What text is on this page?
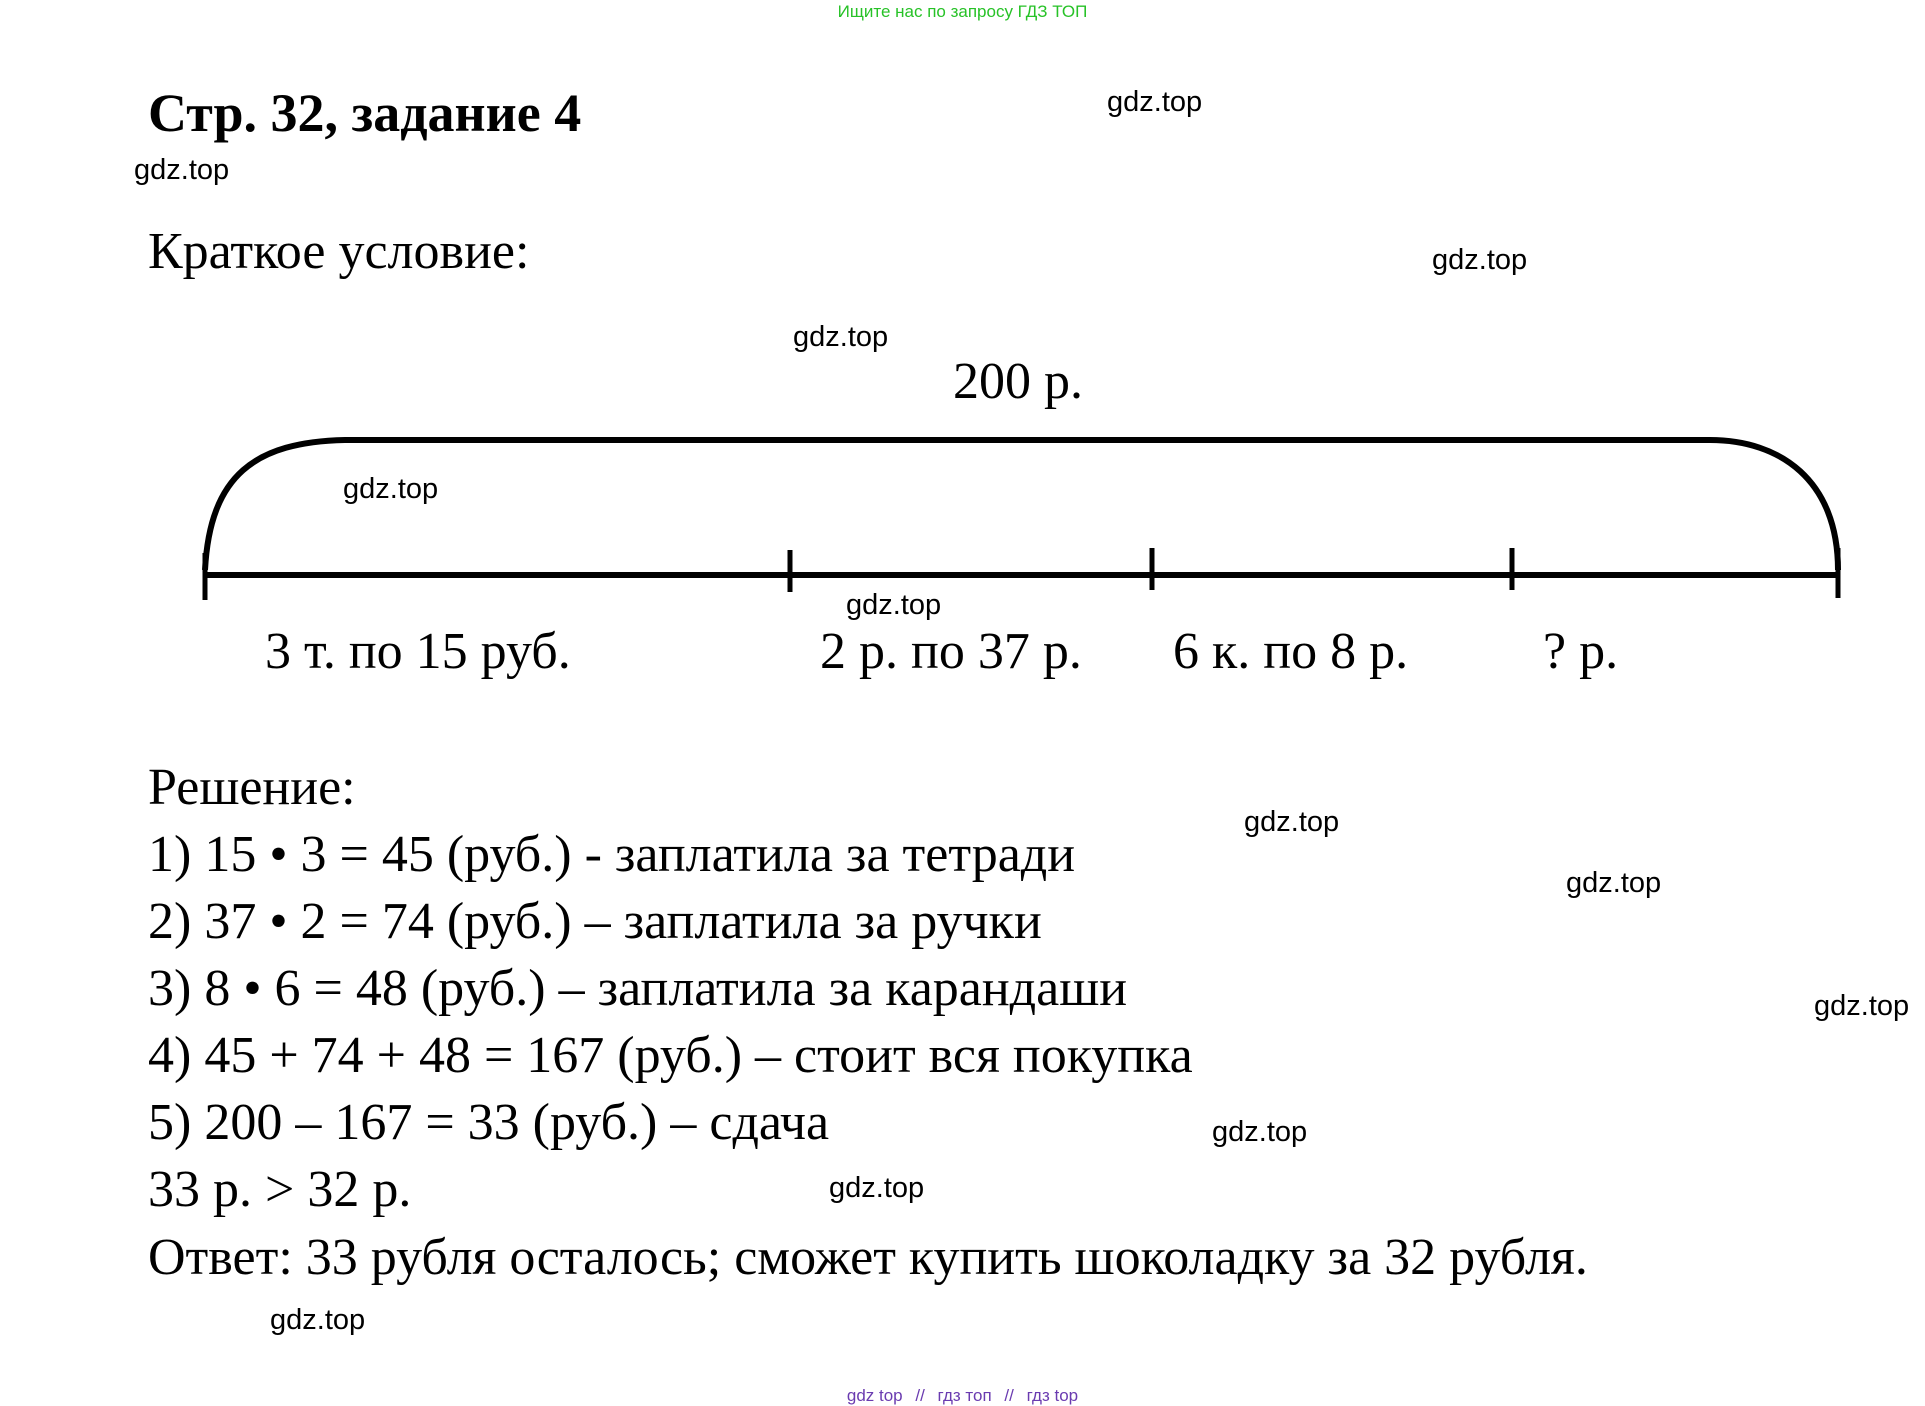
Ищите нас по запросу ГДЗ ТОП
Стр. 32, задание 4
Краткое условие:
200 р.
3 т. по 15 руб.	2 р. по 37 р. 6 к. по 8 р.	? р.
Решение:
1) 15 • 3 = 45 (руб.) - заплатила за тетради
2) 37 • 2 = 74 (руб.) – заплатила за ручки
3) 8 • 6 = 48 (руб.) – заплатила за карандаши
4) 45 + 74 + 48 = 167 (руб.) – стоит вся покупка
5) 200 – 167 = 33 (руб.) – сдача
33 р. > 32 р.
Ответ: 33 рубля осталось; сможет купить шоколадку за 32 рубля.
gdz.top
gdz.top
gdz.top
gdz.top
gdz.top
gdz.top
gdz.top
gdz.top
gdz.top
gdz.top
gdz.top
gdz.top
gdz top // гдз топ // гдз top
